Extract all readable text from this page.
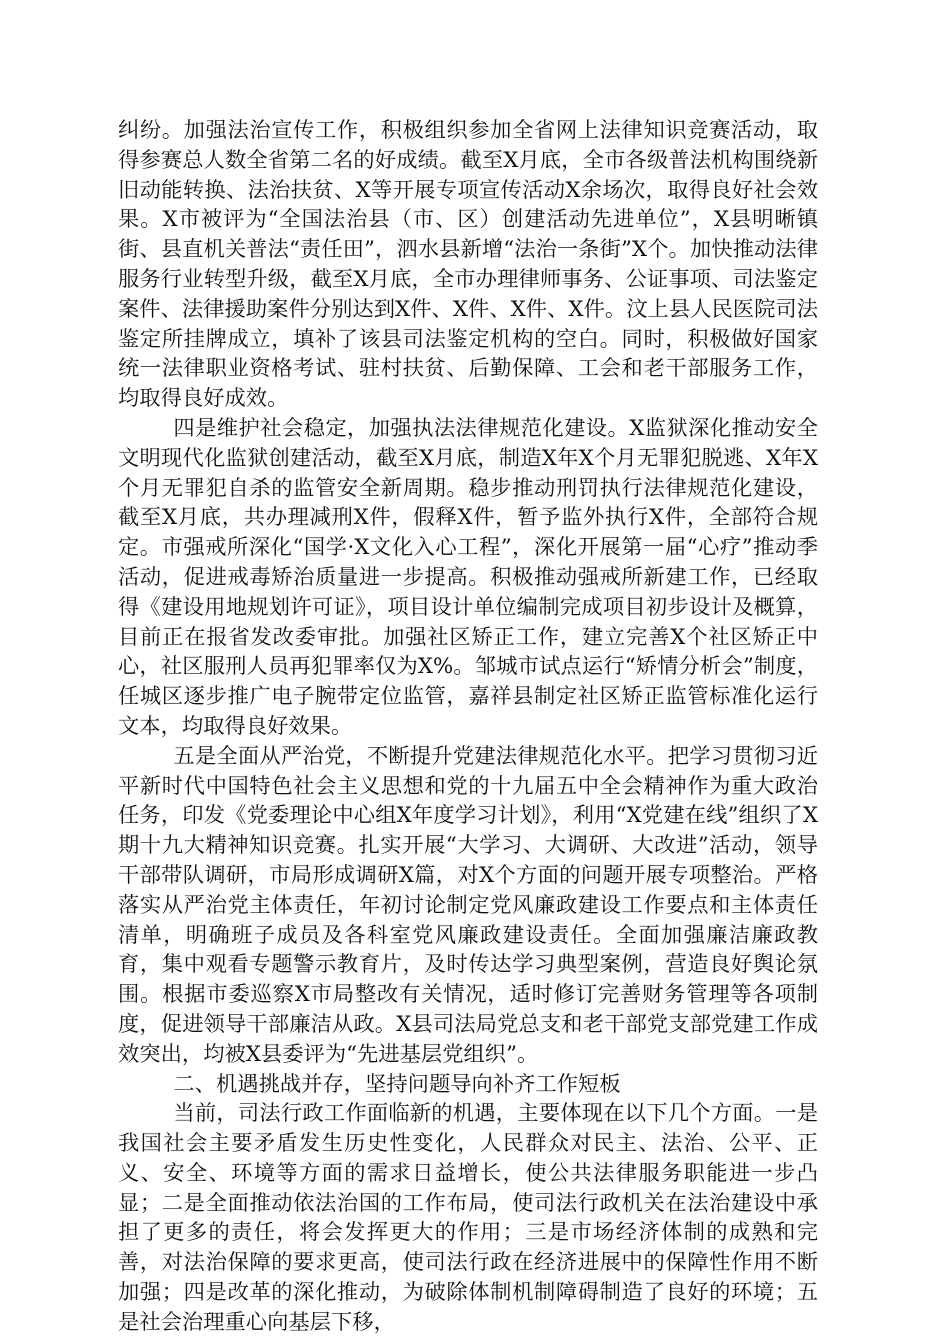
纠纷。加强法治宣传工作，积极组织参加全省网上法律知识竞赛活动，取得参赛总人数全省第二名的好成绩。截至X月底，全市各级普法机构围绕新旧动能转换、法治扶贫、X等开展专项宣传活动X余场次，取得良好社会效果。X市被评为“全国法治县（市、区）创建活动先进单位”，X县明晰镇街、县直机关普法“责任田”，泗水县新增“法治一条街”X个。加快推动法律服务行业转型升级，截至X月底，全市办理律师事务、公证事项、司法鉴定案件、法律援助案件分别达到X件、X件、X件、X件。汶上县人民医院司法鉴定所挂牌成立，填补了该县司法鉴定机构的空白。同时，积极做好国家统一法律职业资格考试、驻村扶贫、后勤保障、工会和老干部服务工作，均取得良好成效。

四是维护社会稳定，加强执法法律规范化建设。X监狱深化推动安全文明现代化监狱创建活动，截至X月底，制造X年X个月无罪犯脱逃、X年X个月无罪犯自杀的监管安全新周期。稳步推动刑罚执行法律规范化建设，截至X月底，共办理减刑X件，假释X件，暂予监外执行X件，全部符合规定。市强戒所深化“国学·X文化入心工程”，深化开展第一届“心疗”推动季活动，促进戒毒矫治质量进一步提高。积极推动强戒所新建工作，已经取得《建设用地规划许可证》，项目设计单位编制完成项目初步设计及概算，目前正在报省发改委审批。加强社区矫正工作，建立完善X个社区矫正中心，社区服刑人员再犯罪率仅为X%。邹城市试点运行“矫情分析会”制度，任城区逐步推广电子腕带定位监管，嘉祥县制定社区矫正监管标准化运行文本，均取得良好效果。

五是全面从严治党，不断提升党建法律规范化水平。把学习贯彻习近平新时代中国特色社会主义思想和党的十九届五中全会精神作为重大政治任务，印发《党委理论中心组X年度学习计划》，利用“X党建在线”组织了X期十九大精神知识竞赛。扎实开展“大学习、大调研、大改进”活动，领导干部带队调研，市局形成调研X篇，对X个方面的问题开展专项整治。严格落实从严治党主体责任，年初讨论制定党风廉政建设工作要点和主体责任清单，明确班子成员及各科室党风廉政建设责任。全面加强廉洁廉政教育，集中观看专题警示教育片，及时传达学习典型案例，营造良好舆论氛围。根据市委巡察X市局整改有关情况，适时修订完善财务管理等各项制度，促进领导干部廉洁从政。X县司法局党总支和老干部党支部党建工作成效突出，均被X县委评为“先进基层党组织”。

二、机遇挑战并存，坚持问题导向补齐工作短板

当前，司法行政工作面临新的机遇，主要体现在以下几个方面。一是我国社会主要矛盾发生历史性变化，人民群众对民主、法治、公平、正义、安全、环境等方面的需求日益增长，使公共法律服务职能进一步凸显；二是全面推动依法治国的工作布局，使司法行政机关在法治建设中承担了更多的责任，将会发挥更大的作用；三是市场经济体制的成熟和完善，对法治保障的要求更高，使司法行政在经济进展中的保障性作用不断加强；四是改革的深化推动，为破除体制机制障碍制造了良好的环境；五是社会治理重心向基层下移，
